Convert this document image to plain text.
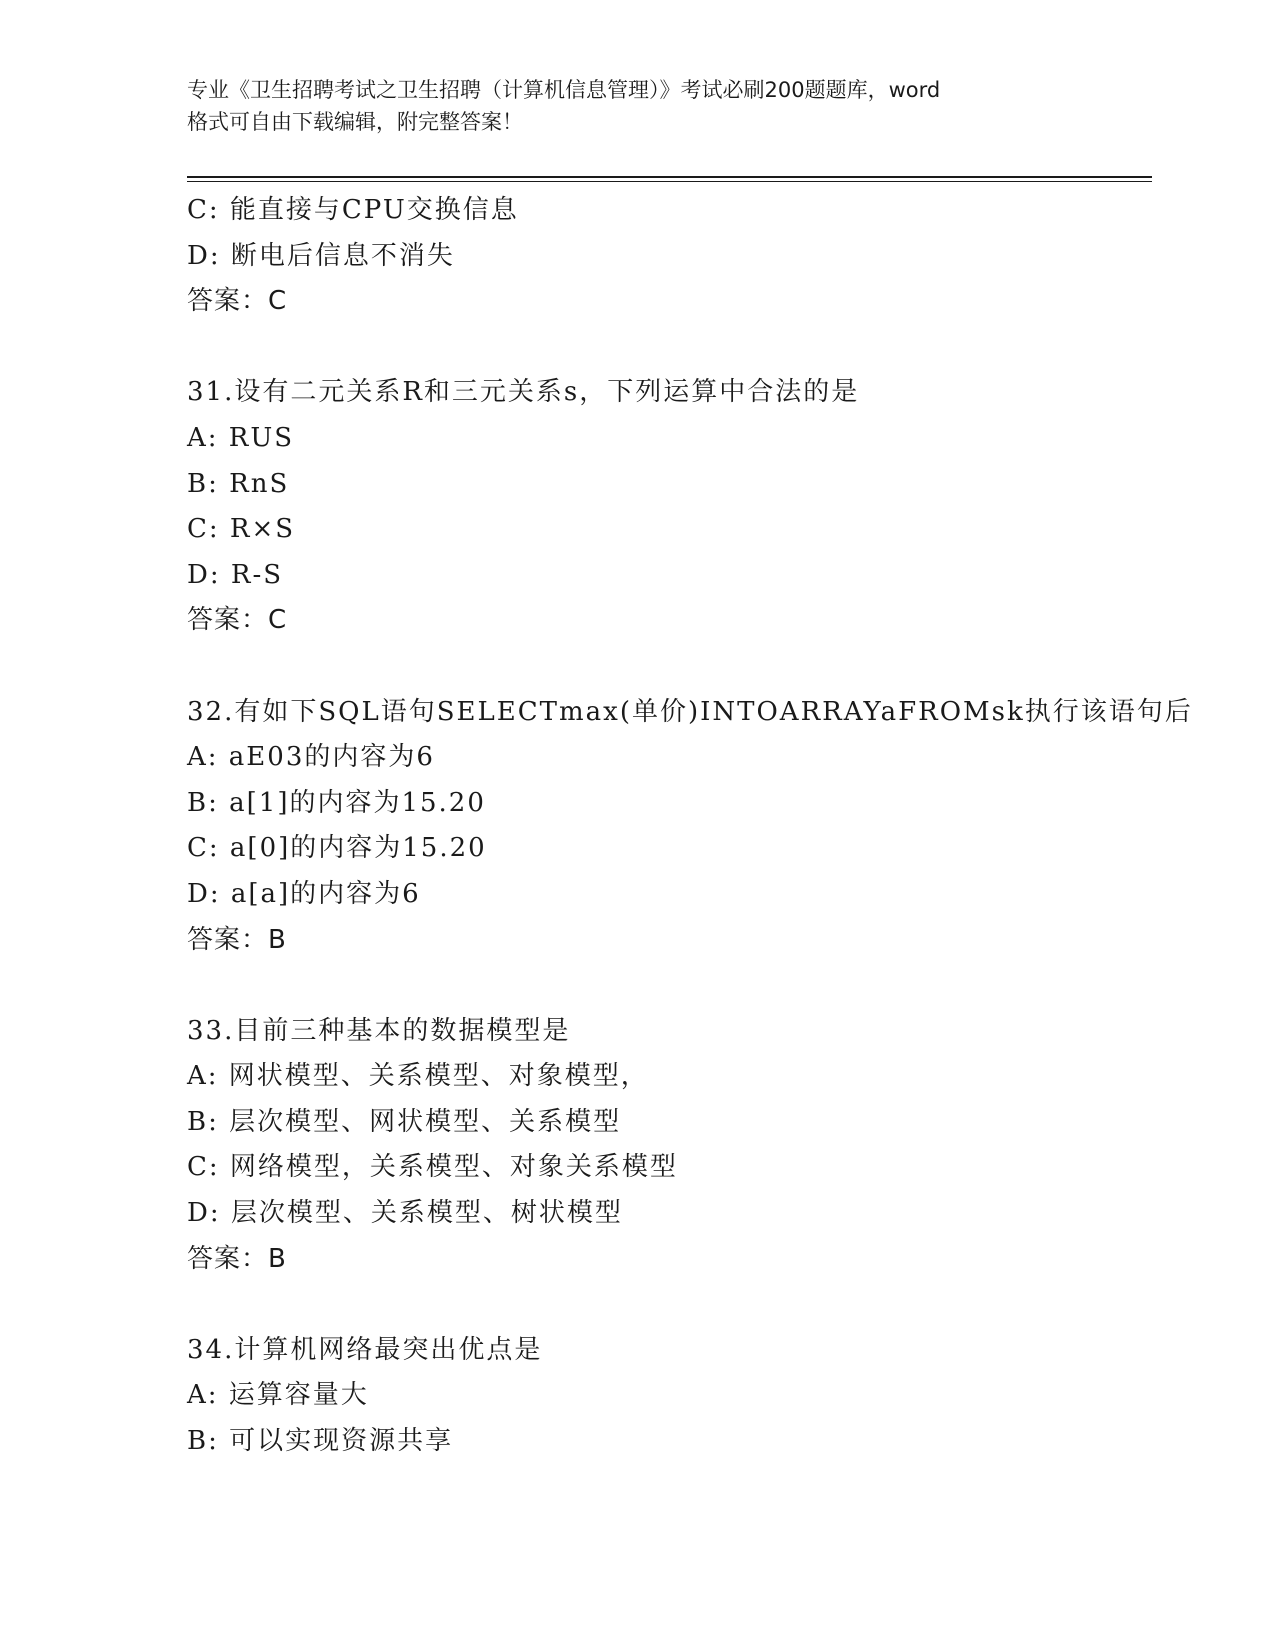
专业《卫生招聘考试之卫生招聘（计算机信息管理）》考试必刷200题题库，word
格式可自由下载编辑，附完整答案！
C: 能直接与CPU交换信息
D: 断电后信息不消失
答案：C
31.设有二元关系R和三元关系s，下列运算中合法的是
A: RUS
B: RnS
C: R×S
D: R-S
答案：C
32.有如下SQL语句SELECTmax(单价)INTOARRAYaFROMsk执行该语句后
A: aE03的内容为6
B: a[1]的内容为15.20
C: a[0]的内容为15.20
D: a[a]的内容为6
答案：B
33.目前三种基本的数据模型是
A: 网状模型、关系模型、对象模型，
B: 层次模型、网状模型、关系模型
C: 网络模型，关系模型、对象关系模型
D: 层次模型、关系模型、树状模型
答案：B
34.计算机网络最突出优点是
A: 运算容量大
B: 可以实现资源共享
